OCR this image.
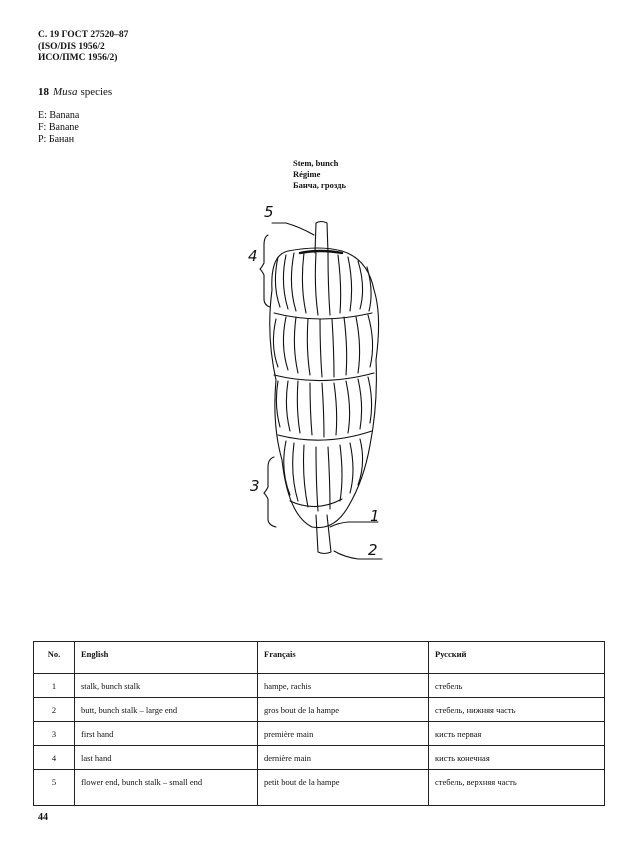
С. 19 ГОСТ 27520–87
(ISO/DIS 1956/2
ИСО/ПМС 1956/2)
18 Musa species
E: Banana
F: Banane
P: Банан
Stem, bunch
Régime
Банча, гроздь
5
4
3
1
2
No.	English	Français	Русский
1	stalk, bunch stalk	hampe, rachis	стебель
2	butt, bunch stalk – large end	gros bout de la hampe	стебель, нижняя часть
3	first hand	première main	кисть первая
4	last hand	dernière main	кисть конечная
5	flower end, bunch stalk – small end	petit bout de la hampe	стебель, верхняя часть
44
